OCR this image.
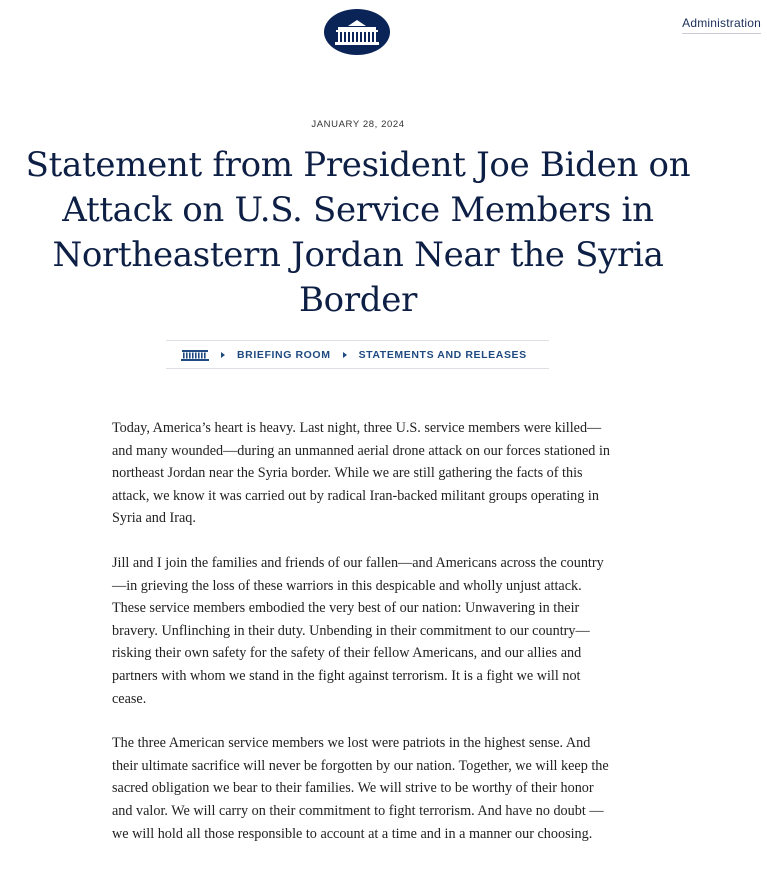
Administration
JANUARY 28, 2024
Statement from President Joe Biden on Attack on U.S. Service Members in Northeastern Jordan Near the Syria Border
BRIEFING ROOM	STATEMENTS AND RELEASES

Today, America’s heart is heavy. Last night, three U.S. service members were killed—and many wounded—during an unmanned aerial drone attack on our forces stationed in northeast Jordan near the Syria border. While we are still gathering the facts of this attack, we know it was carried out by radical Iran-backed militant groups operating in Syria and Iraq.

Jill and I join the families and friends of our fallen—and Americans across the country—in grieving the loss of these warriors in this despicable and wholly unjust attack. These service members embodied the very best of our nation: Unwavering in their bravery. Unflinching in their duty. Unbending in their commitment to our country— risking their own safety for the safety of their fellow Americans, and our allies and partners with whom we stand in the fight against terrorism. It is a fight we will not cease.

The three American service members we lost were patriots in the highest sense. And their ultimate sacrifice will never be forgotten by our nation. Together, we will keep the sacred obligation we bear to their families. We will strive to be worthy of their honor and valor. We will carry on their commitment to fight terrorism. And have no doubt — we will hold all those responsible to account at a time and in a manner our choosing.
